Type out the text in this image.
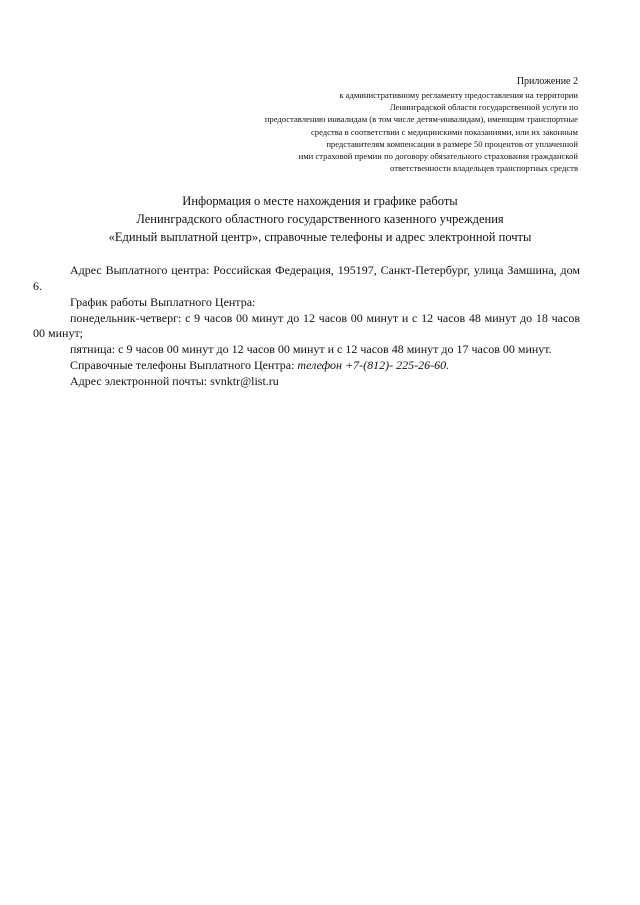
Приложение 2
к административному регламенту предоставления на территории
Ленинградской области государственной услуги по
предоставлению инвалидам (в том числе детям-инвалидам), имеющим транспортные
средства в соответствии с медицинскими показаниями, или их законным
представителям компенсации в размере 50 процентов от уплаченной
ими страховой премии по договору обязательного страхования гражданской
ответственности владельцев транспортных средств
Информация о месте нахождения и графике работы
Ленинградского областного государственного казенного учреждения
«Единый выплатной центр», справочные телефоны и адрес электронной почты

Адрес Выплатного центра: Российская Федерация, 195197, Санкт-Петербург, улица Замшина, дом 6.

График работы Выплатного Центра:

понедельник-четверг: с 9 часов 00 минут до 12 часов 00 минут и с 12 часов 48 минут до 18 часов 00 минут;

пятница: с 9 часов 00 минут до 12 часов 00 минут и с 12 часов 48 минут до 17 часов 00 минут.

Справочные телефоны Выплатного Центра: телефон +7-(812)- 225-26-60.

Адрес электронной почты: svnktr@list.ru
